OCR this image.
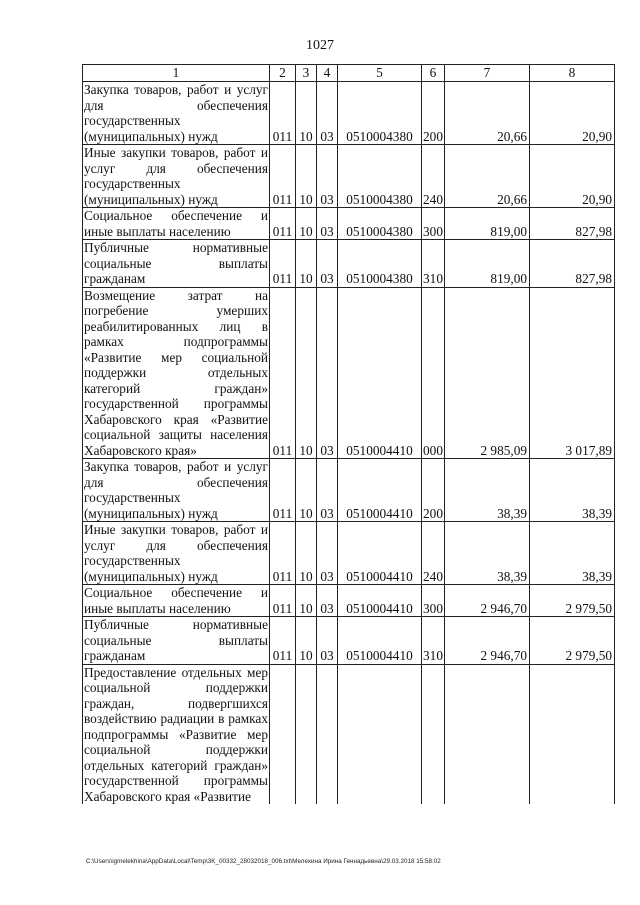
1027
1	2	3	4	5	6	7	8
Закупка товаров, работ и услуг для обеспечения государственных (муниципальных) нужд	011	10	03	0510004380	200	20,66	20,90
Иные закупки товаров, работ и услуг для обеспечения государственных (муниципальных) нужд	011	10	03	0510004380	240	20,66	20,90
Социальное обеспечение и иные выплаты населению	011	10	03	0510004380	300	819,00	827,98
Публичные нормативные социальные выплаты гражданам	011	10	03	0510004380	310	819,00	827,98
Возмещение затрат на погребение умерших реабилитированных лиц в рамках подпрограммы «Развитие мер социальной поддержки отдельных категорий граждан» государственной программы Хабаровского края «Развитие социальной защиты населения Хабаровского края»	011	10	03	0510004410	000	2 985,09	3 017,89
Закупка товаров, работ и услуг для обеспечения государственных (муниципальных) нужд	011	10	03	0510004410	200	38,39	38,39
Иные закупки товаров, работ и услуг для обеспечения государственных (муниципальных) нужд	011	10	03	0510004410	240	38,39	38,39
Социальное обеспечение и иные выплаты населению	011	10	03	0510004410	300	2 946,70	2 979,50
Публичные нормативные социальные выплаты гражданам	011	10	03	0510004410	310	2 946,70	2 979,50
Предоставление отдельных мер социальной поддержки граждан, подвергшихся воздействию радиации в рамках подпрограммы «Развитие мер социальной поддержки отдельных категорий граждан» государственной программы Хабаровского края «Развитие							
C:\Users\igmelekhina\AppData\Local\Temp\3K_00332_28032018_006.txt\Мелехина Ирина Геннадьевна\29.03.2018 15:58:02
